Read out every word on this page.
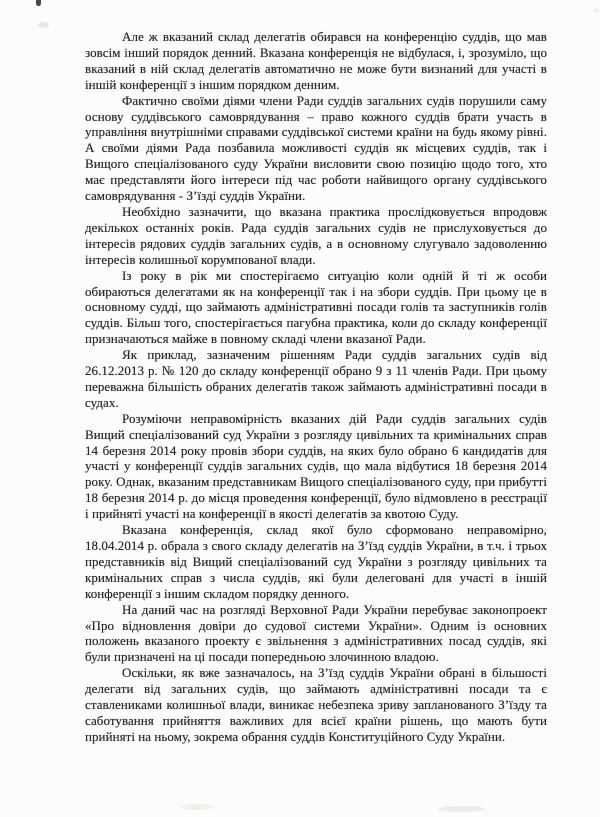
Але ж вказаний склад делегатів обирався на конференцію суддів, що мав зовсім інший порядок денний. Вказана конференція не відбулася, і, зрозуміло, що вказаний в ній склад делегатів автоматично не може бути визнаний для участі в іншій конференції з іншим порядком денним.

Фактично своїми діями члени Ради суддів загальних судів порушили саму основу суддівського самоврядування – право кожного суддів брати участь в управління внутрішніми справами суддівської системи країни на будь якому рівні. А своїми діями Рада позбавила можливості суддів як місцевих суддів, так і Вищого спеціалізованого суду України висловити свою позицію щодо того, хто має представляти його інтереси під час роботи найвищого органу суддівського самоврядування - З’їзді суддів України.

Необхідно зазначити, що вказана практика прослідковується впродовж декількох останніх років. Рада суддів загальних судів не прислуховується до інтересів рядових суддів загальних судів, а в основному слугувало задоволенню інтересів колишньої корумпованої влади.

Із року в рік ми спостерігаємо ситуацію коли одній й ті ж особи обираються делегатами як на конференції так і на збори суддів. При цьому це в основному судді, що займають адміністративні посади голів та заступників голів суддів. Більш того, спостерігається пагубна практика, коли до складу конференції призначаються майже в повному складі члени вказаної Ради.

Як приклад, зазначеним рішенням Ради суддів загальних судів від 26.12.2013 р. № 120 до складу конференції обрано 9 з 11 членів Ради. При цьому переважна більшість обраних делегатів також займають адміністративні посади в судах.

Розуміючи неправомірність вказаних дій Ради суддів загальних судів Вищий спеціалізований суд України з розгляду цивільних та кримінальних справ 14 березня 2014 року провів збори суддів, на яких було обрано 6 кандидатів для участі у конференції суддів загальних судів, що мала відбутися 18 березня 2014 року. Однак, вказаним представникам Вищого спеціалізованого суду, при прибутті 18 березня 2014 р. до місця проведення конференції, було відмовлено в реєстрації і прийняті участі на конференції в якості делегатів за квотою Суду.

Вказана конференція, склад якої було сформовано неправомірно, 18.04.2014 р. обрала з свого складу делегатів на З’їзд суддів України, в т.ч. і трьох представників від Вищий спеціалізований суд України з розгляду цивільних та кримінальних справ з числа суддів, які були делеговані для участі в іншій конференції з іншим складом порядку денного.

На даний час на розгляді Верховної Ради України перебуває законопроект «Про відновлення довіри до судової системи України». Одним із основних положень вказаного проекту є звільнення з адміністративних посад суддів, які були призначені на ці посади попередньою злочинною владою.

Оскільки, як вже зазначалось, на З’їзд суддів України обрані в більшості делегати від загальних судів, що займають адміністративні посади та є ставлениками колишньої влади, виникає небезпека зриву запланованого З’їзду та саботування прийняття важливих для всієї країни рішень, що мають бути прийняті на ньому, зокрема обрання суддів Конституційного Суду України.
